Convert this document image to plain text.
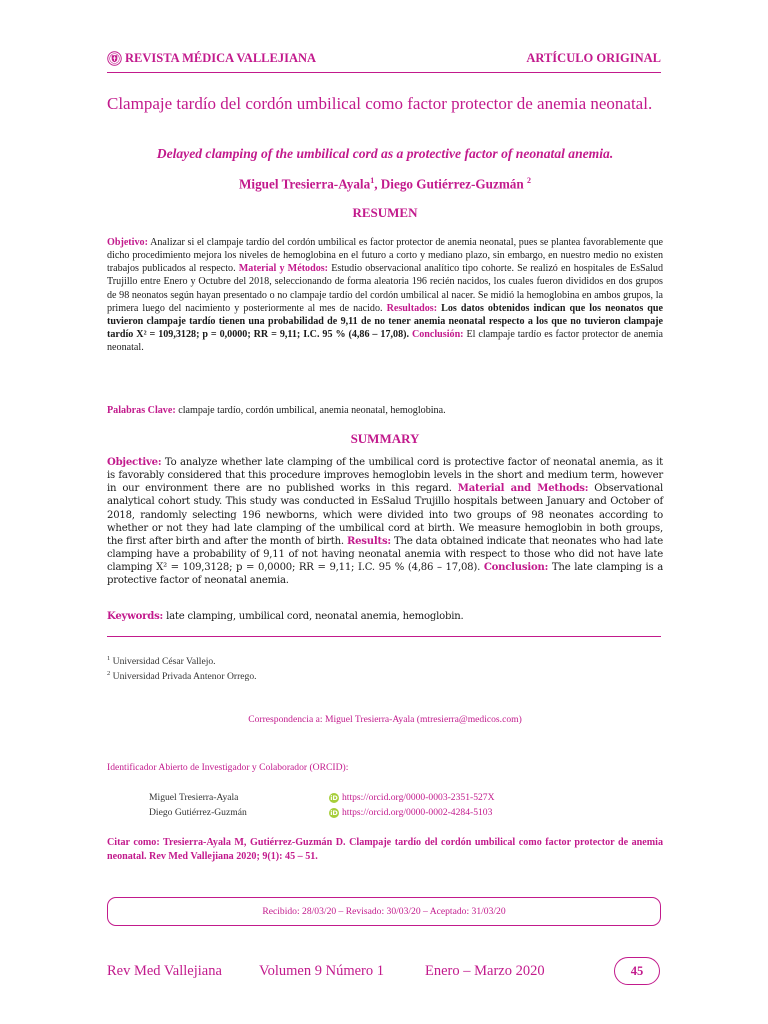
REVISTA MÉDICA VALLEJIANA	ARTÍCULO ORIGINAL
Clampaje tardío del cordón umbilical como factor protector de anemia neonatal.
Delayed clamping of the umbilical cord as a protective factor of neonatal anemia.
Miguel Tresierra-Ayala$^1$, Diego Gutiérrez-Guzmán $^2$
RESUMEN
Objetivo: Analizar si el clampaje tardío del cordón umbilical es factor protector de anemia neonatal, pues se plantea favorablemente que dicho procedimiento mejora los niveles de hemoglobina en el futuro a corto y mediano plazo, sin embargo, en nuestro medio no existen trabajos publicados al respecto. Material y Métodos: Estudio observacional analítico tipo cohorte. Se realizó en hospitales de EsSalud Trujillo entre Enero y Octubre del 2018, seleccionando de forma aleatoria 196 recién nacidos, los cuales fueron divididos en dos grupos de 98 neonatos según hayan presentado o no clampaje tardío del cordón umbilical al nacer. Se midió la hemoglobina en ambos grupos, la primera luego del nacimiento y posteriormente al mes de nacido. Resultados: Los datos obtenidos indican que los neonatos que tuvieron clampaje tardío tienen una probabilidad de 9,11 de no tener anemia neonatal respecto a los que no tuvieron clampaje tardío X² = 109,3128; p = 0,0000; RR = 9,11; I.C. 95 % (4,86 – 17,08). Conclusión: El clampaje tardío es factor protector de anemia neonatal.
Palabras Clave: clampaje tardío, cordón umbilical, anemia neonatal, hemoglobina.
SUMMARY
Objective: To analyze whether late clamping of the umbilical cord is protective factor of neonatal anemia, as it is favorably considered that this procedure improves hemoglobin levels in the short and medium term, however in our environment there are no published works in this regard. Material and Methods: Observational analytical cohort study. This study was conducted in EsSalud Trujillo hospitals between January and October of 2018, randomly selecting 196 newborns, which were divided into two groups of 98 neonates according to whether or not they had late clamping of the umbilical cord at birth. We measure hemoglobin in both groups, the first after birth and after the month of birth. Results: The data obtained indicate that neonates who had late clamping have a probability of 9,11 of not having neonatal anemia with respect to those who did not have late clamping X² = 109,3128; p = 0,0000; RR = 9,11; I.C. 95 % (4,86 – 17,08). Conclusion: The late clamping is a protective factor of neonatal anemia.
Keywords: late clamping, umbilical cord, neonatal anemia, hemoglobin.
$^1$ Universidad César Vallejo.
$^2$ Universidad Privada Antenor Orrego.
Correspondencia a: Miguel Tresierra-Ayala (mtresierra@medicos.com)
Identificador Abierto de Investigador y Colaborador (ORCID):
Miguel Tresierra-Ayala	iD https://orcid.org/0000-0003-2351-527X
Diego Gutiérrez-Guzmán	iD https://orcid.org/0000-0002-4284-5103
Citar como: Tresierra-Ayala M, Gutiérrez-Guzmán D. Clampaje tardío del cordón umbilical como factor protector de anemia neonatal. Rev Med Vallejiana 2020; 9(1): 45 – 51.
Recibido: 28/03/20 – Revisado: 30/03/20 – Aceptado: 31/03/20
Rev Med Vallejiana	Volumen 9 Número 1	Enero – Marzo 2020	45
